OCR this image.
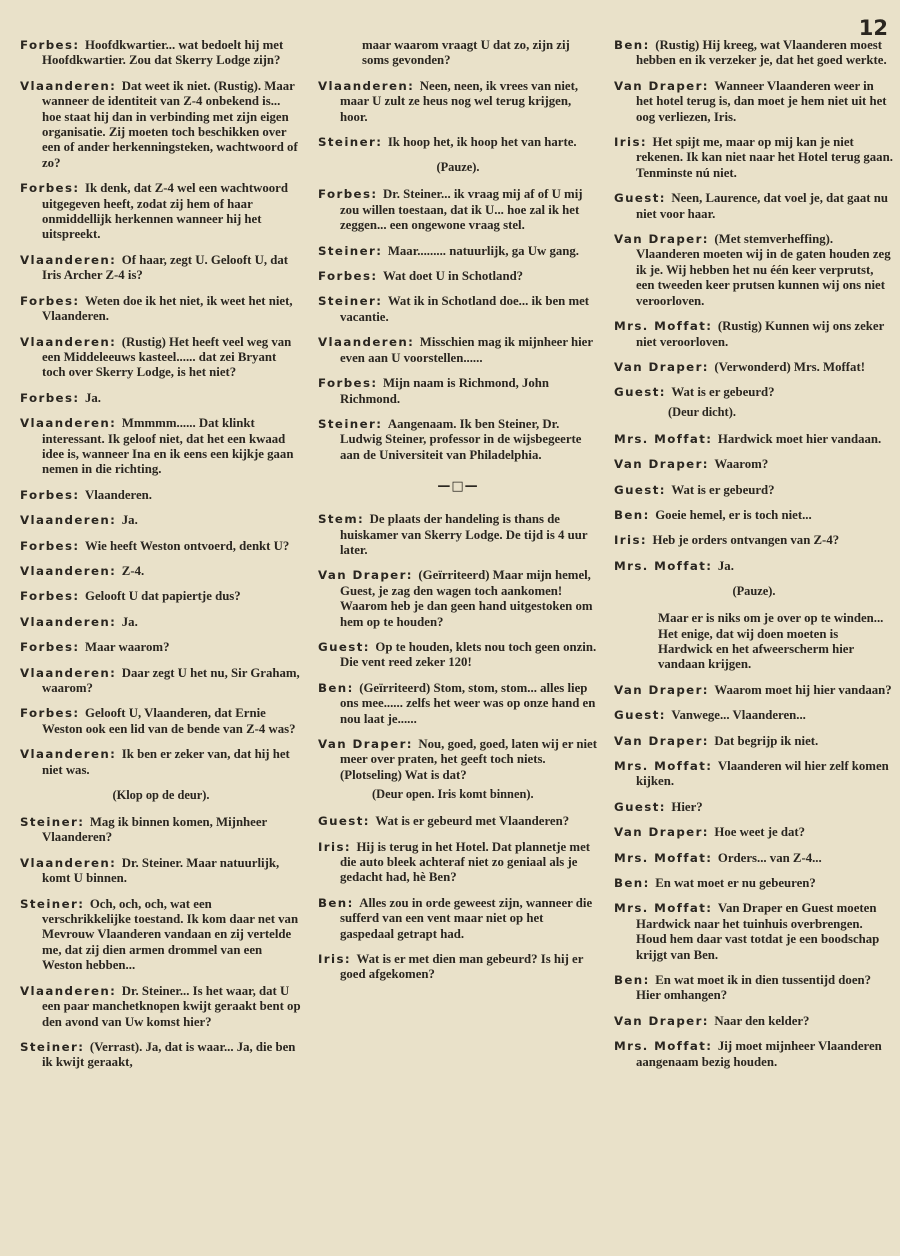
12
Forbes : Hoofdkwartier... wat bedoelt hij met Hoofdkwartier. Zou dat Skerry Lodge zijn?
Vlaanderen : Dat weet ik niet. (Rustig). Maar wanneer de identiteit van Z-4 onbekend is... hoe staat hij dan in verbinding met zijn eigen organisatie. Zij moeten toch beschikken over een of ander herkenningsteken, wachtwoord of zo?
Forbes : Ik denk, dat Z-4 wel een wachtwoord uitgegeven heeft, zodat zij hem of haar onmiddellijk herkennen wanneer hij het uitspreekt.
Vlaanderen : Of haar, zegt U. Gelooft U, dat Iris Archer Z-4 is?
Forbes : Weten doe ik het niet, ik weet het niet, Vlaanderen.
Vlaanderen : (Rustig) Het heeft veel weg van een Middeleeuws kasteel...... dat zei Bryant toch over Skerry Lodge, is het niet?
Forbes : Ja.
Vlaanderen : Mmmmm...... Dat klinkt interessant. Ik geloof niet, dat het een kwaad idee is, wanneer Ina en ik eens een kijkje gaan nemen in die richting.
Forbes : Vlaanderen.
Vlaanderen : Ja.
Forbes : Wie heeft Weston ontvoerd, denkt U?
Vlaanderen : Z-4.
Forbes : Gelooft U dat papiertje dus?
Vlaanderen : Ja.
Forbes : Maar waarom?
Vlaanderen : Daar zegt U het nu, Sir Graham, waarom?
Forbes : Gelooft U, Vlaanderen, dat Ernie Weston ook een lid van de bende van Z-4 was?
Vlaanderen : Ik ben er zeker van, dat hij het niet was.
(Klop op de deur).
Steiner : Mag ik binnen komen, Mijnheer Vlaanderen?
Vlaanderen : Dr. Steiner. Maar natuurlijk, komt U binnen.
Steiner : Och, och, och, wat een verschrikkelijke toestand. Ik kom daar net van Mevrouw Vlaanderen vandaan en zij vertelde me, dat zij dien armen drommel van een Weston hebben...
Vlaanderen : Dr. Steiner... Is het waar, dat U een paar manchetknopen kwijt geraakt bent op den avond van Uw komst hier?
Steiner : (Verrast). Ja, dat is waar... Ja, die ben ik kwijt geraakt,
maar waarom vraagt U dat zo, zijn zij soms gevonden?
Vlaanderen : Neen, neen, ik vrees van niet, maar U zult ze heus nog wel terug krijgen, hoor.
Steiner : Ik hoop het, ik hoop het van harte.
(Pauze).
Forbes : Dr. Steiner... ik vraag mij af of U mij zou willen toestaan, dat ik U... hoe zal ik het zeggen... een ongewone vraag stel.
Steiner : Maar......... natuurlijk, ga Uw gang.
Forbes : Wat doet U in Schotland?
Steiner : Wat ik in Schotland doe... ik ben met vacantie.
Vlaanderen : Misschien mag ik mijnheer hier even aan U voorstellen......
Forbes : Mijn naam is Richmond, John Richmond.
Steiner : Aangenaam. Ik ben Steiner, Dr. Ludwig Steiner, professor in de wijsbegeerte aan de Universiteit van Philadelphia.
—□—
Stem : De plaats der handeling is thans de huiskamer van Skerry Lodge. De tijd is 4 uur later.
Van Draper : (Geïrriteerd) Maar mijn hemel, Guest, je zag den wagen toch aankomen! Waarom heb je dan geen hand uitgestoken om hem op te houden?
Guest : Op te houden, klets nou toch geen onzin. Die vent reed zeker 120!
Ben : (Geïrriteerd) Stom, stom, stom... alles liep ons mee...... zelfs het weer was op onze hand en nou laat je......
Van Draper : Nou, goed, goed, laten wij er niet meer over praten, het geeft toch niets. (Plotseling) Wat is dat?
(Deur open. Iris komt binnen).
Guest : Wat is er gebeurd met Vlaanderen?
Iris : Hij is terug in het Hotel. Dat plannetje met die auto bleek achteraf niet zo geniaal als je gedacht had, hè Ben?
Ben : Alles zou in orde geweest zijn, wanneer die sufferd van een vent maar niet op het gaspedaal getrapt had.
Iris : Wat is er met dien man gebeurd? Is hij er goed afgekomen?
Ben : (Rustig) Hij kreeg, wat Vlaanderen moest hebben en ik verzeker je, dat het goed werkte.
Van Draper : Wanneer Vlaanderen weer in het hotel terug is, dan moet je hem niet uit het oog verliezen, Iris.
Iris : Het spijt me, maar op mij kan je niet rekenen. Ik kan niet naar het Hotel terug gaan. Tenminste nú niet.
Guest : Neen, Laurence, dat voel je, dat gaat nu niet voor haar.
Van Draper : (Met stemverheffing). Vlaanderen moeten wij in de gaten houden zeg ik je. Wij hebben het nu één keer verprutst, een tweeden keer prutsen kunnen wij ons niet veroorloven.
Mrs. Moffat : (Rustig) Kunnen wij ons zeker niet veroorloven.
Van Draper : (Verwonderd) Mrs. Moffat!
Guest : Wat is er gebeurd?
(Deur dicht).
Mrs. Moffat : Hardwick moet hier vandaan.
Van Draper : Waarom?
Guest : Wat is er gebeurd?
Ben : Goeie hemel, er is toch niet...
Iris : Heb je orders ontvangen van Z-4?
Mrs. Moffat : Ja.
(Pauze).
Maar er is niks om je over op te winden... Het enige, dat wij doen moeten is Hardwick en het afweerscherm hier vandaan krijgen.
Van Draper : Waarom moet hij hier vandaan?
Guest : Vanwege... Vlaanderen...
Van Draper : Dat begrijp ik niet.
Mrs. Moffat : Vlaanderen wil hier zelf komen kijken.
Guest : Hier?
Van Draper : Hoe weet je dat?
Mrs. Moffat : Orders... van Z-4...
Ben : En wat moet er nu gebeuren?
Mrs. Moffat : Van Draper en Guest moeten Hardwick naar het tuinhuis overbrengen. Houd hem daar vast totdat je een boodschap krijgt van Ben.
Ben : En wat moet ik in dien tussentijd doen? Hier omhangen?
Van Draper : Naar den kelder?
Mrs. Moffat : Jij moet mijnheer Vlaanderen aangenaam bezig houden.
